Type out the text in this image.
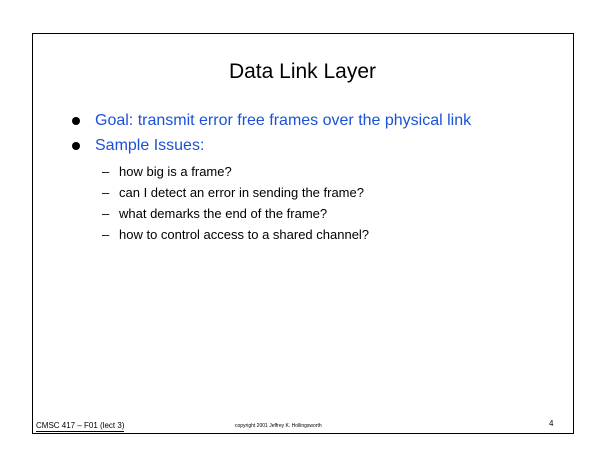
Data Link Layer
Goal: transmit error free frames over the physical link
Sample Issues:
– how big is a frame?
– can I detect an error in sending the frame?
– what demarks the end of the frame?
– how to control access to a shared channel?
CMSC 417 – F01 (lect 3)	copyright 2001 Jeffrey K. Hollingsworth	4
